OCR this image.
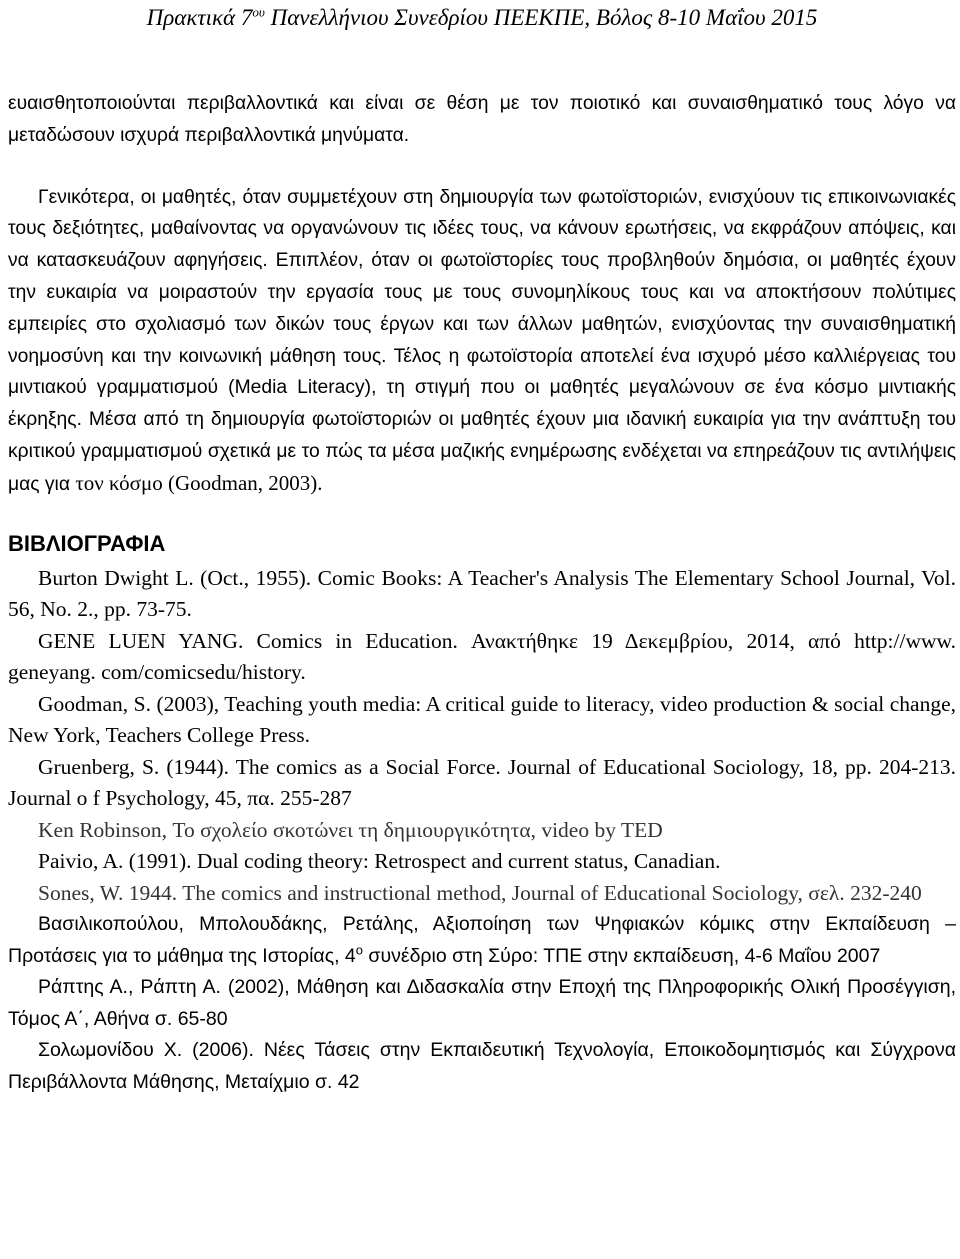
Πρακτικά $7^{o\upsilon}$ Πανελλήνιου Συνεδρίου ΠΕΕΚΠΕ, Βόλος 8-10 Μαΐου 2015

ευαισθητοποιούνται περιβαλλοντικά και είναι σε θέση με τον ποιοτικό και συναισθηματικό τους λόγο να μεταδώσουν ισχυρά περιβαλλοντικά μηνύματα.

Γενικότερα, οι μαθητές, όταν συμμετέχουν στη δημιουργία των φωτοϊστοριών, ενισχύουν τις επικοινωνιακές τους δεξιότητες, μαθαίνοντας να οργανώνουν τις ιδέες τους, να κάνουν ερωτήσεις, να εκφράζουν απόψεις, και να κατασκευάζουν αφηγήσεις. Επιπλέον, όταν οι φωτοϊστορίες τους προβληθούν δημόσια, οι μαθητές έχουν την ευκαιρία να μοιραστούν την εργασία τους με τους συνομηλίκους τους και να αποκτήσουν πολύτιμες εμπειρίες στο σχολιασμό των δικών τους έργων και των άλλων μαθητών, ενισχύοντας την συναισθηματική νοημοσύνη και την κοινωνική μάθηση τους. Τέλος η φωτοϊστορία αποτελεί ένα ισχυρό μέσο καλλιέργειας του μιντιακού γραμματισμού (Media Literacy), τη στιγμή που οι μαθητές μεγαλώνουν σε ένα κόσμο μιντιακής έκρηξης. Μέσα από τη δημιουργία φωτοϊστοριών οι μαθητές έχουν μια ιδανική ευκαιρία για την ανάπτυξη του κριτικού γραμματισμού σχετικά με το πώς τα μέσα μαζικής ενημέρωσης ενδέχεται να επηρεάζουν τις αντιλήψεις μας για τον κόσμο (Goodman, 2003).

ΒΙΒΛΙΟΓΡΑΦΙΑ

Burton Dwight L. (Oct., 1955). Comic Books: A Teacher's Analysis The Elementary School Journal, Vol. 56, No. 2., pp. 73-75.

GENE LUEN YANG. Comics in Education. Ανακτήθηκε 19 Δεκεμβρίου, 2014, από http://www. geneyang. com/comicsedu/history.

Goodman, S. (2003), Teaching youth media: A critical guide to literacy, video production & social change, New York, Teachers College Press.

Gruenberg, S. (1944). The comics as a Social Force. Journal of Educational Sociology, 18, pp. 204-213. Journal o f Psychology, 45, πα. 255-287

Ken Robinson, Το σχολείο σκοτώνει τη δημιουργικότητα, video by TED

Paivio, A. (1991). Dual coding theory: Retrospect and current status, Canadian.

Sones, W. 1944. The comics and instructional method, Journal of Educational Sociology, σελ. 232-240

Βασιλικοπούλου, Μπολουδάκης, Ρετάλης, Αξιοποίηση των Ψηφιακών κόμικς στην Εκπαίδευση – Προτάσεις για το μάθημα της Ιστορίας, $4^o$ συνέδριο στη Σύρο: ΤΠΕ στην εκπαίδευση, 4-6 Μαΐου 2007

Ράπτης Α., Ράπτη Α. (2002), Μάθηση και Διδασκαλία στην Εποχή της Πληροφορικής Ολική Προσέγγιση, Τόμος Α΄, Αθήνα σ. 65-80

Σολωμονίδου Χ. (2006). Νέες Τάσεις στην Εκπαιδευτική Τεχνολογία, Εποικοδομητισμός και Σύγχρονα Περιβάλλοντα Μάθησης, Μεταίχμιο σ. 42
